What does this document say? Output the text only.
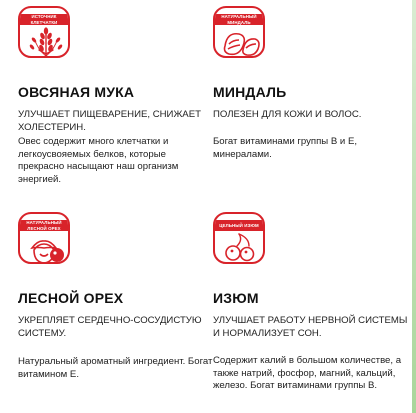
ИСТОЧНИК КЛЕТЧАТКИ
ОВСЯНАЯ МУКА

УЛУЧШАЕТ ПИЩЕВАРЕНИЕ, СНИЖАЕТ ХОЛЕСТЕРИН.

Овес содержит много клетчатки и легкоусвояемых белков, которые прекрасно насыщают наш организм энергией.

НАТУРАЛЬНЫЙ МИНДАЛЬ
МИНДАЛЬ

ПОЛЕЗЕН ДЛЯ КОЖИ И ВОЛОС.

Богат витаминами группы В и Е, минералами.

НАТУРАЛЬНЫЙ ЛЕСНОЙ ОРЕХ
ЛЕСНОЙ ОРЕХ

УКРЕПЛЯЕТ СЕРДЕЧНО-СОСУДИСТУЮ СИСТЕМУ.

Натуральный ароматный ингредиент. Богат витамином Е.

ЦЕЛЬНЫЙ ИЗЮМ
ИЗЮМ

УЛУЧШАЕТ РАБОТУ НЕРВНОЙ СИСТЕМЫ И НОРМАЛИЗУЕТ СОН.

Содержит калий в большом количестве, а также натрий, фосфор, магний, кальций, железо. Богат витаминами группы В.
